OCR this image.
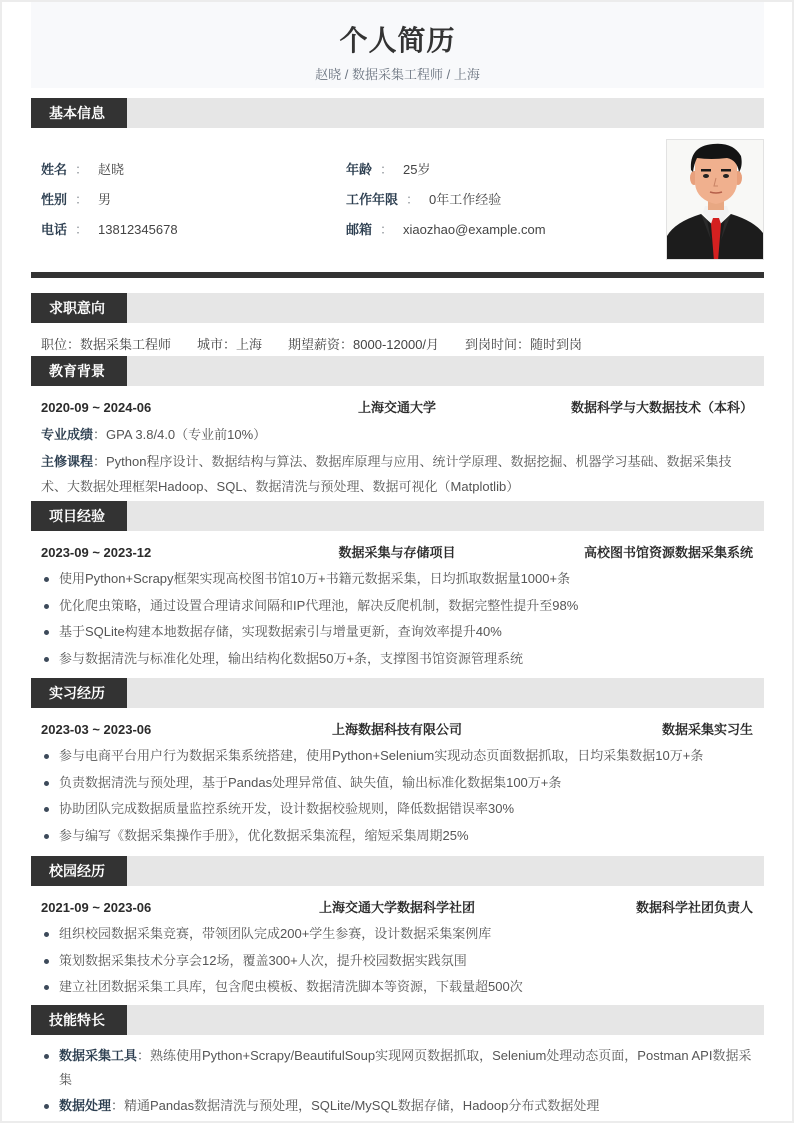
个人简历
赵晓 / 数据采集工程师 / 上海
基本信息
姓名 ： 赵晓
性别 ： 男
电话 ： 13812345678
年龄 ： 25岁
工作年限 ： 0年工作经验
邮箱 ： xiaozhao@example.com
求职意向
职位：数据采集工程师 城市：上海 期望薪资：8000-12000/月 到岗时间：随时到岗
教育背景
上海交通大学
2020-09 ~ 2024-06	数据科学与大数据技术（本科）
专业成绩：GPA 3.8/4.0（专业前10%）
主修课程：Python程序设计、数据结构与算法、数据库原理与应用、统计学原理、数据挖掘、机器学习基础、数据采集技术、大数据处理框架Hadoop、SQL、数据清洗与预处理、数据可视化（Matplotlib）
项目经验
数据采集与存储项目
2023-09 ~ 2023-12	高校图书馆资源数据采集系统
使用Python+Scrapy框架实现高校图书馆10万+书籍元数据采集，日均抓取数据量1000+条
优化爬虫策略，通过设置合理请求间隔和IP代理池，解决反爬机制，数据完整性提升至98%
基于SQLite构建本地数据存储，实现数据索引与增量更新，查询效率提升40%
参与数据清洗与标准化处理，输出结构化数据50万+条，支撑图书馆资源管理系统
实习经历
上海数据科技有限公司
2023-03 ~ 2023-06	数据采集实习生
参与电商平台用户行为数据采集系统搭建，使用Python+Selenium实现动态页面数据抓取，日均采集数据10万+条
负责数据清洗与预处理，基于Pandas处理异常值、缺失值，输出标准化数据集100万+条
协助团队完成数据质量监控系统开发，设计数据校验规则，降低数据错误率30%
参与编写《数据采集操作手册》，优化数据采集流程，缩短采集周期25%
校园经历
上海交通大学数据科学社团
2021-09 ~ 2023-06	数据科学社团负责人
组织校园数据采集竞赛，带领团队完成200+学生参赛，设计数据采集案例库
策划数据采集技术分享会12场，覆盖300+人次，提升校园数据实践氛围
建立社团数据采集工具库，包含爬虫模板、数据清洗脚本等资源，下载量超500次
技能特长
数据采集工具：熟练使用Python+Scrapy/BeautifulSoup实现网页数据抓取，Selenium处理动态页面，Postman API数据采集
数据处理：精通Pandas数据清洗与预处理，SQLite/MySQL数据存储，Hadoop分布式数据处理
